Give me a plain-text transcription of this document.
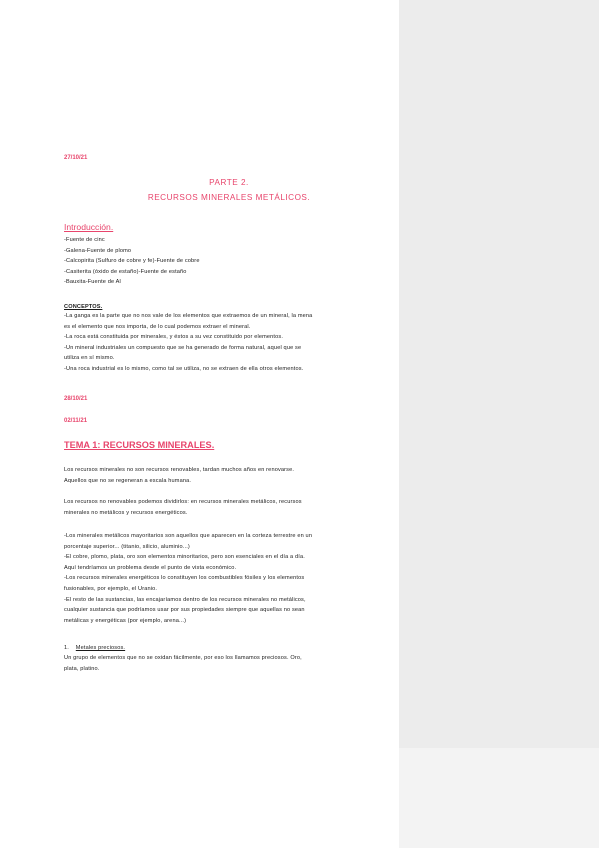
27/10/21
PARTE 2.
RECURSOS MINERALES METÁLICOS.
Introducción.
-Fuente de cinc
-Galena-Fuente de plomo
-Calcopirita (Sulfuro de cobre y fe)-Fuente de cobre
-Casiterita (óxido de estaño)-Fuente de estaño
-Bauxita-Fuente de Al
CONCEPTOS.
-La ganga es la parte que no nos vale de los elementos que extraemos de un mineral, la mena
es el elemento que nos importa, de lo cual podemos extraer el mineral.
-La roca está constituida por minerales, y éstos a su vez constituido por elementos.
-Un mineral industriales un compuesto que se ha generado de forma natural, aquel que se
utiliza en sí mismo.
-Una roca industrial es lo mismo, como tal se utiliza, no se extraen de ella otros elementos.
28/10/21
02/11/21
TEMA 1: RECURSOS MINERALES.
Los recursos minerales no son recursos renovables, tardan muchos años en renovarse.
Aquellos que no se regeneran a escala humana.
Los recursos no renovables podemos dividirlos: en recursos minerales metálicos, recursos
minerales no metálicos y recursos energéticos.
-Los minerales metálicos mayoritarios son aquellos que aparecen en la corteza terrestre en un
porcentaje superior... (titanio, silicio, aluminio...)
-El cobre, plomo, plata, oro son elementos minoritarios, pero son esenciales en el día a día.
Aquí tendríamos un problema desde el punto de vista económico.
-Los recursos minerales energéticos lo constituyen los combustibles fósiles y los elementos
fusionables, por ejemplo, el Uranio.
-El resto de las sustancias, las encajaríamos dentro de los recursos minerales no metálicos,
cualquier sustancia que podríamos usar por sus propiedades siempre que aquellas no sean
metálicas y energéticas (por ejemplo, arena...)
1. Metales preciosos.
Un grupo de elementos que no se oxidan fácilmente, por eso los llamamos preciosos. Oro,
plata, platino.
